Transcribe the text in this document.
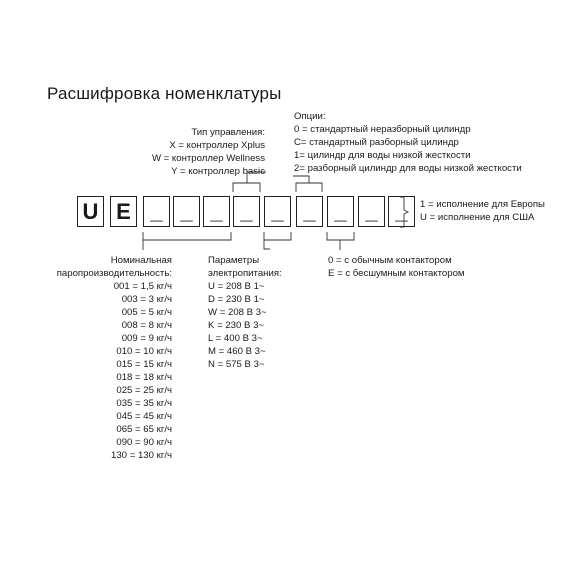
Расшифровка номенклатуры
Тип управления:
X = контроллер Xplus
W = контроллер Wellness
Y = контроллер basic
Опции:
0 = стандартный неразборный цилиндр
C= стандартный разборный цилиндр
1= цилиндр для воды низкой жесткости
2= разборный цилиндр для воды низкой жесткости
U E _ _ _ _ _ _ _ _ _	1 = исполнение для Европы
U = исполнение для США
Номинальная
паропроизводительность:
001 = 1,5 кг/ч
003 = 3 кг/ч
005 = 5 кг/ч
008 = 8 кг/ч
009 = 9 кг/ч
010 = 10 кг/ч
015 = 15 кг/ч
018 = 18 кг/ч
025 = 25 кг/ч
035 = 35 кг/ч
045 = 45 кг/ч
065 = 65 кг/ч
090 = 90 кг/ч
130 = 130 кг/ч
Параметры
электропитания:
U = 208 В 1~
D = 230 В 1~
W = 208 В 3~
K = 230 В 3~
L = 400 В 3~
M = 460 В 3~
N = 575 В 3~
0 = с обычным контактором
E = с бесшумным контактором
